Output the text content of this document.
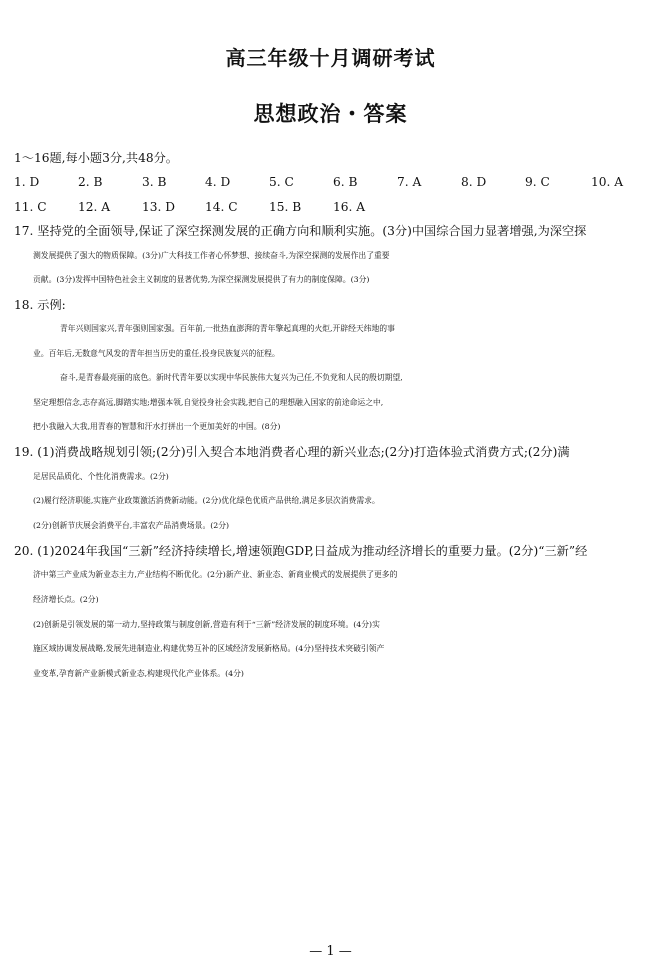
高三年级十月调研考试
思想政治・答案
1～16题,每小题3分,共48分。
1. D	2. B	3. B	4. D	5. C	6. B	7. A	8. D	9. C	10. A
11. C	12. A	13. D 14. C	15. B	16. A
17. 坚持党的全面领导,保证了深空探测发展的正确方向和顺利实施。(3分)中国综合国力显著增强,为深空探
测发展提供了强大的物质保障。(3分)广大科技工作者心怀梦想、接续奋斗,为深空探测的发展作出了重要
贡献。(3分)发挥中国特色社会主义制度的显著优势,为深空探测发展提供了有力的制度保障。(3分)
18. 示例:
青年兴则国家兴,青年强则国家强。百年前,一批热血澎湃的青年擎起真理的火炬,开辟经天纬地的事
业。百年后,无数意气风发的青年担当历史的重任,投身民族复兴的征程。
奋斗,是青春最亮丽的底色。新时代青年要以实现中华民族伟大复兴为己任,不负党和人民的殷切期望,
坚定理想信念,志存高远,脚踏实地;增强本领,自觉投身社会实践,把自己的理想融入国家的前途命运之中,
把小我融入大我,用青春的智慧和汗水打拼出一个更加美好的中国。(8分)
19. (1)消费战略规划引领;(2分)引入契合本地消费者心理的新兴业态;(2分)打造体验式消费方式;(2分)满
足居民品质化、个性化消费需求。(2分)
(2)履行经济职能,实施产业政策激活消费新动能。(2分)优化绿色优质产品供给,满足多层次消费需求。
(2分)创新节庆展会消费平台,丰富农产品消费场景。(2分)
20. (1)2024年我国“三新”经济持续增长,增速领跑GDP,日益成为推动经济增长的重要力量。(2分)“三新”经
济中第三产业成为新业态主力,产业结构不断优化。(2分)新产业、新业态、新商业模式的发展提供了更多的
经济增长点。(2分)
(2)创新是引领发展的第一动力,坚持政策与制度创新,营造有利于“三新”经济发展的制度环境。(4分)实
施区域协调发展战略,发展先进制造业,构建优势互补的区域经济发展新格局。(4分)坚持技术突破引领产
业变革,孕育新产业新模式新业态,构建现代化产业体系。(4分)
— 1 —
